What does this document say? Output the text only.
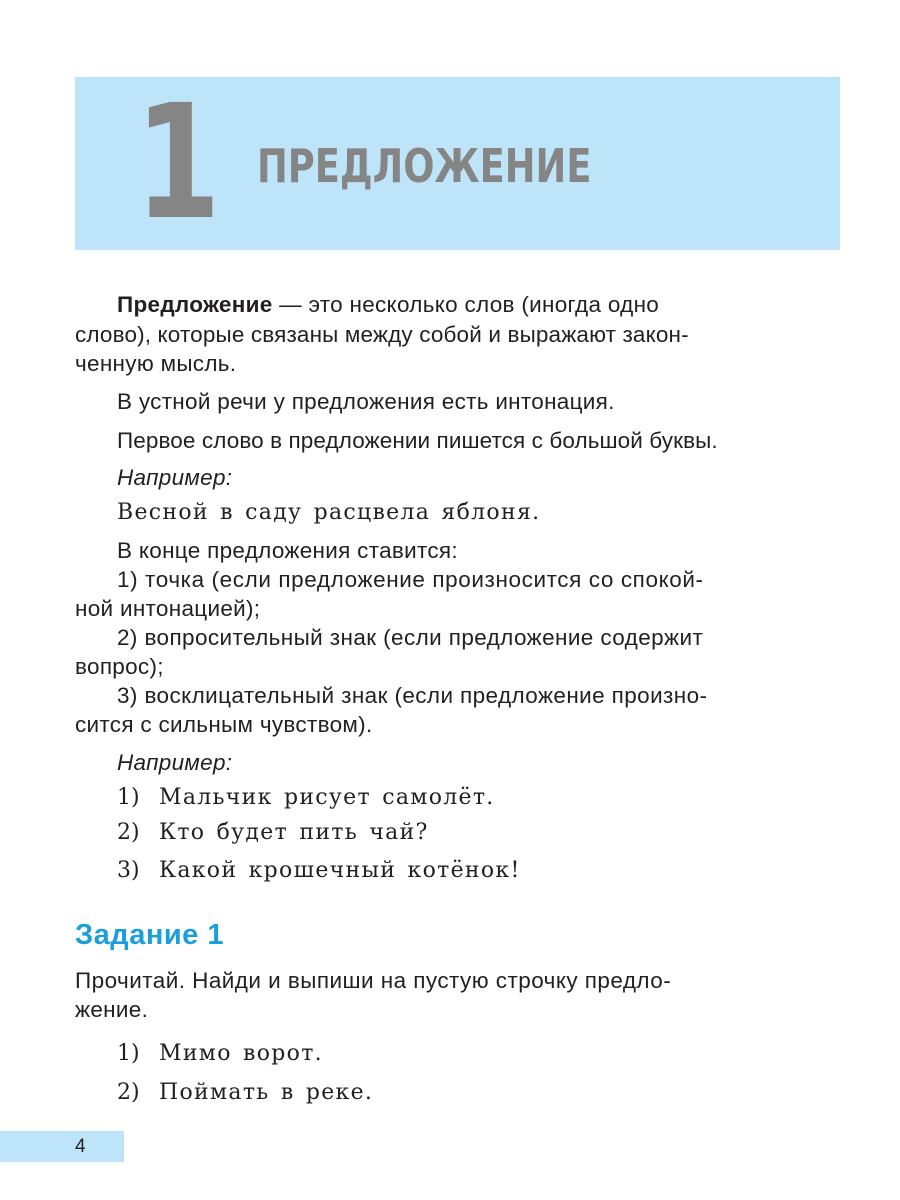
1 ПРЕДЛОЖЕНИЕ
Предложение — это несколько слов (иногда одно
слово), которые связаны между собой и выражают закон-
ченную мысль.
В устной речи у предложения есть интонация.
Первое слово в предложении пишется с большой буквы.
Например:
Весной в саду расцвела яблоня.
В конце предложения ставится:
1) точка (если предложение произносится со спокой-
ной интонацией);
2) вопросительный знак (если предложение содержит
вопрос);
3) восклицательный знак (если предложение произно-
сится с сильным чувством).
Например:
1) Мальчик рисует самолёт.
2) Кто будет пить чай?
3) Какой крошечный котёнок!
Задание 1
Прочитай. Найди и выпиши на пустую строчку предло-
жение.
1) Мимо ворот.
2) Поймать в реке.
4
